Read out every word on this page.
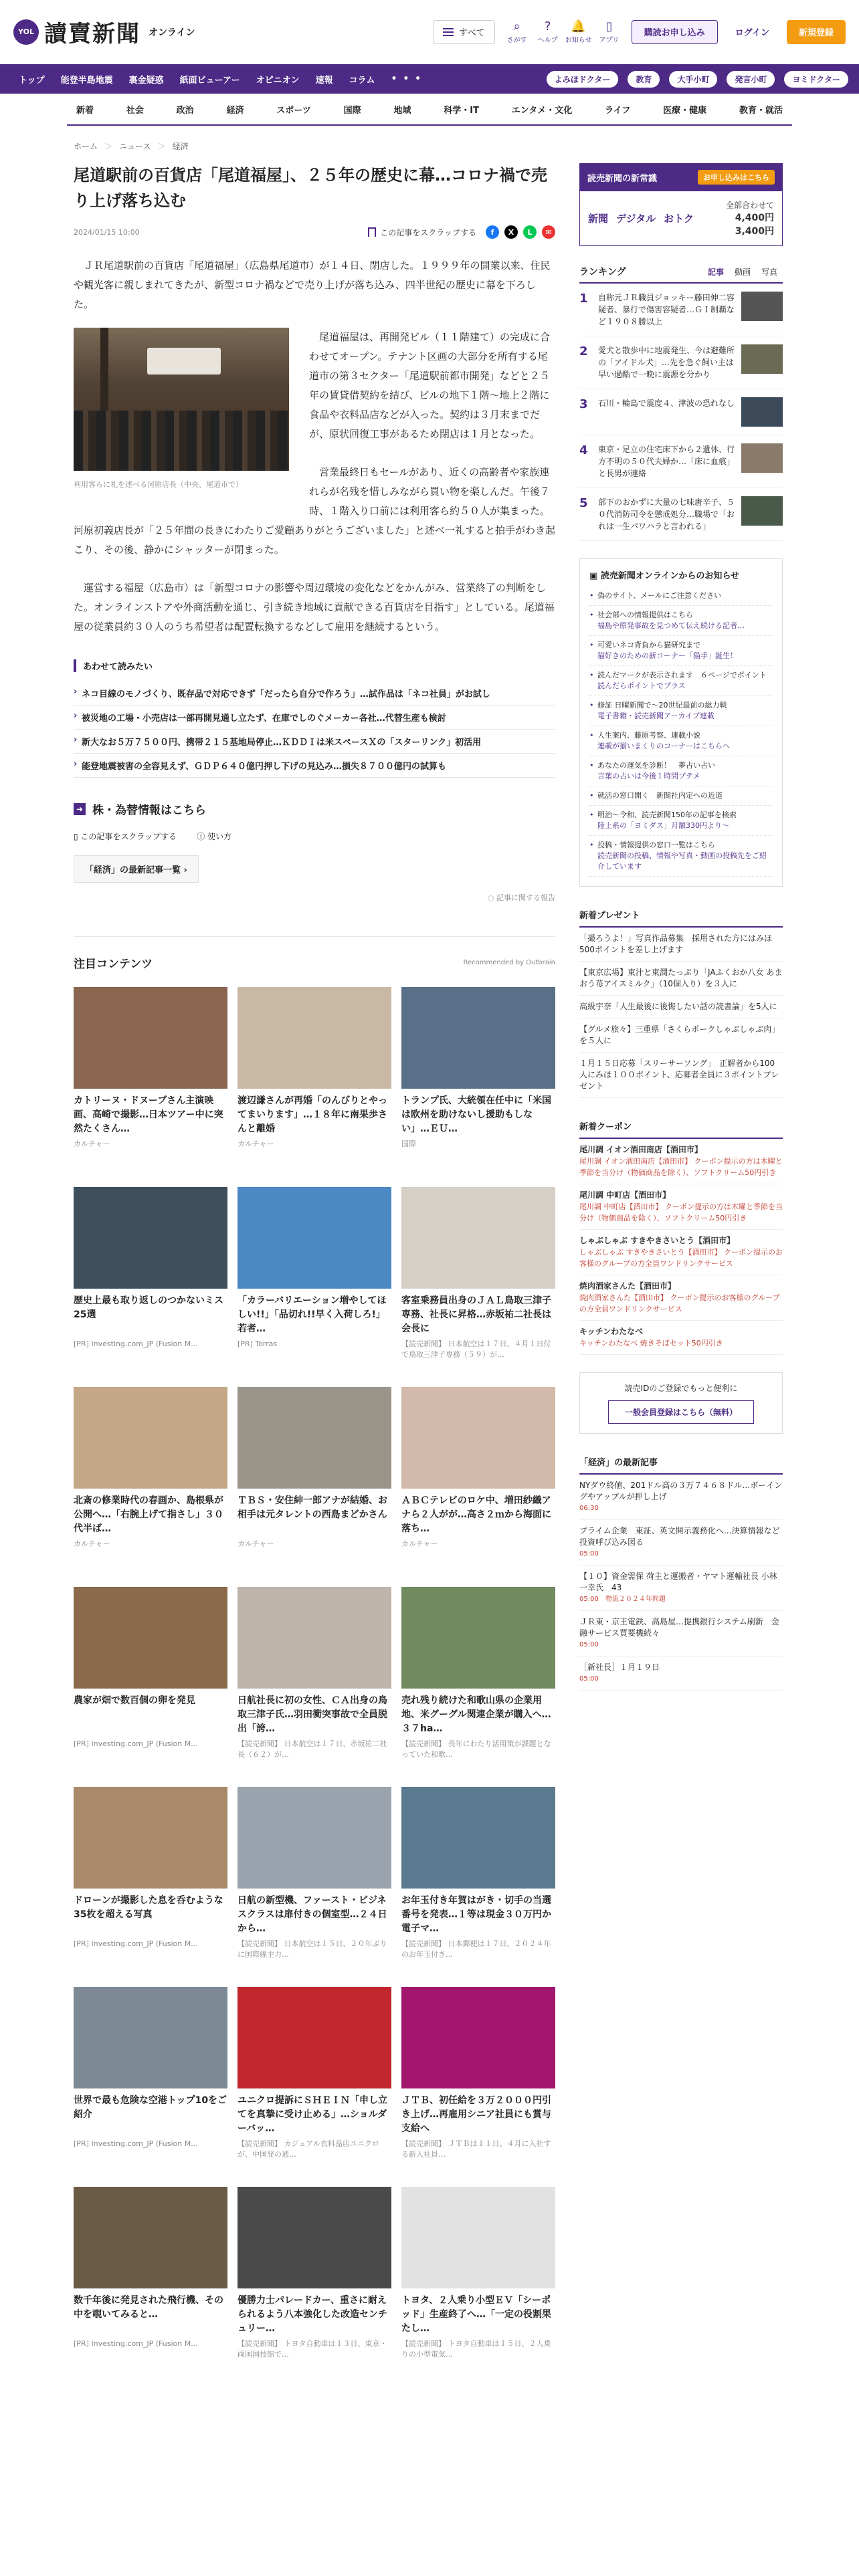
YOL 讀賣新聞 オンライン	すべて	⌕
さがす
?
ヘルプ
🔔
お知らせ
▯
アプリ
購読お申し込み	ログイン	新規登録
トップ	能登半島地震	裏金疑惑	紙面ビューアー	オピニオン	速報	コラム	• • •	よみほドクター	教育	大手小町	発言小町	ヨミドクター
新着	社会	政治	経済	スポーツ	国際	地域	科学・IT	エンタメ・文化	ライフ	医療・健康	教育・就活
ホーム ＞ ニュース ＞ 経済
尾道駅前の百貨店「尾道福屋」、２５年の歴史に幕…コロナ禍で売り上げ落ち込む
2024/01/15 10:00	この記事をスクラップする	f	X	L	✉

ＪＲ尾道駅前の百貨店「尾道福屋」（広島県尾道市）が１４日、閉店した。１９９９年の開業以来、住民や観光客に親しまれてきたが、新型コロナ禍などで売り上げが落ち込み、四半世紀の歴史に幕を下ろした。

利用客らに礼を述べる河原店長（中央、尾道市で）

尾道福屋は、再開発ビル（１１階建て）の完成に合わせてオープン。テナント区画の大部分を所有する尾道市の第３セクター「尾道駅前都市開発」などと２５年の賃貸借契約を結び、ビルの地下１階〜地上２階に食品や衣料品店などが入った。契約は３月末までだが、原状回復工事があるため閉店は１月となった。

営業最終日もセールがあり、近くの高齢者や家族連れらが名残を惜しみながら買い物を楽しんだ。午後７時、１階入り口前には利用客ら約５０人が集まった。河原初義店長が「２５年間の長きにわたりご愛顧ありがとうございました」と述べ一礼すると拍手がわき起こり、その後、静かにシャッターが閉まった。

運営する福屋（広島市）は「新型コロナの影響や周辺環境の変化などをかんがみ、営業終了の判断をした。オンラインストアや外商活動を通じ、引き続き地域に貢献できる百貨店を目指す」としている。尾道福屋の従業員約３０人のうち希望者は配置転換するなどして雇用を継続するという。

あわせて読みたい
› ネコ目線のモノづくり、既存品で対応できず「だったら自分で作ろう」…試作品は「ネコ社員」がお試し
› 被災地の工場・小売店は一部再開見通し立たず、在庫でしのぐメーカー各社…代替生産も検討
› 新大なお５万７５００円、携帯２１５基地局停止…ＫＤＤＩは米スペースＸの「スターリンク」初活用
› 能登地震被害の全容見えず、ＧＤＰ６４０億円押し下げの見込み…損失８７００億円の試算も
➜ 株・為替情報はこちら
▯ この記事をスクラップする	ⓘ 使い方
「経済」の最新記事一覧 ›
◌ 記事に関する報告
注目コンテンツ	Recommended by Outbrain
カトリーヌ・ドヌーブさん主演映画、高崎で撮影…日本ツアー中に突然たくさん…
カルチャー
渡辺謙さんが再婚「のんびりとやってまいります」…１８年に南果歩さんと離婚
カルチャー
トランプ氏、大統領在任中に「米国は欧州を助けないし援助もしない」…ＥＵ…
国際
歴史上最も取り返しのつかないミス25選
[PR] Investing.com_JP (Fusion M...
「カラーバリエーション増やしてほしい!!」「品切れ!!早く入荷しろ!」若者…
[PR] Torras
客室乗務員出身のＪＡＬ鳥取三津子専務、社長に昇格…赤坂祐二社長は会長に
【読売新聞】 日本航空は１７日、４月１日付で鳥取三津子専務（５９）が…
北斎の修業時代の春画か、島根県が公開へ…「右腕上げて指さし」３０代半ば…
カルチャー
ＴＢＳ・安住紳一郎アナが結婚、お相手は元タレントの西島まどかさん
カルチャー
ＡＢＣテレビのロケ中、増田紗織アナら２人がが…高さ２ｍから海面に落ち…
カルチャー
農家が畑で数百個の卵を発見
[PR] Investing.com_JP (Fusion M...
日航社長に初の女性、ＣＡ出身の鳥取三津子氏…羽田衝突事故で全員脱出「誇…
【読売新聞】 日本航空は１７日、赤坂祐二社長（６２）が…
売れ残り続けた和歌山県の企業用地、米グーグル関連企業が購入へ…３７ha…
【読売新聞】 長年にわたり活用策が課題となっていた和歌…
ドローンが撮影した息を呑むような35枚を超える写真
[PR] Investing.com_JP (Fusion M...
日航の新型機、ファースト・ビジネスクラスは扉付きの個室型…２４日から…
【読売新聞】 日本航空は１５日、２０年ぶりに国際線主力…
お年玉付き年賀はがき・切手の当選番号を発表…１等は現金３０万円か電子マ…
【読売新聞】 日本郵便は１７日、２０２４年のお年玉付き…
世界で最も危険な空港トップ10をご紹介
[PR] Investing.com_JP (Fusion M...
ユニクロ提訴にＳＨＥＩＮ「申し立てを真摯に受け止める」…ショルダーバッ…
【読売新聞】 カジュアル衣料品店ユニクロが、中国発の通…
ＪＴＢ、初任給を３万２０００円引き上げ…再雇用シニア社員にも賞与支給へ
【読売新聞】 ＪＴＢは１１日、４月に入社する新入社員…
数千年後に発見された飛行機、その中を覗いてみると…
[PR] Investing.com_JP (Fusion M...
優勝力士パレードカー、重さに耐えられるよう八本強化した改造センチュリー…
【読売新聞】 トヨタ自動車は１３日、東京・両国国技館で…
トヨタ、２人乗り小型ＥＶ「シーポッド」生産終了へ…「一定の役割果たし…
【読売新聞】 トヨタ自動車は１５日、２人乗りの小型電気…
読売新聞の新常識	お申し込みはこちら
新聞 デジタル おトク
全部合わせて
4,400円
3,400円
ランキング	記事	動画	写真
1	自称元ＪＲ職員ジョッキー藤田伸二容疑者、暴行で傷害容疑者…ＧＩ制覇など１９０８勝以上
2	愛犬と散歩中に地震発生、今は避難所の「アイドル犬」…先を急ぐ飼い主は早い過酷で一晩に震源を分かり
3	石川・輪島で震度４、津波の恐れなし
4	東京・足立の住宅床下から２遺体、行方不明の５０代夫婦か…「床に血痕」と長男が連絡
5	部下のおかずに大量の七味唐辛子、５０代消防司令を懲戒処分…職場で「おれは一生パワハラと言われる」
▣ 読売新聞オンラインからのお知らせ
• 偽のサイト、メールにご注意ください
• 社会部への情報提供はこちら
福島や原発事故を見つめて伝え続ける記者…
• 可愛いネコ背負から猫研究まで
猫好きのための新コーナー「猫手」誕生！
• 読んだマークが表示されます　６ページでポイント
読んだらポイントでプラス
• 修証 日曜新聞で〜20世紀最前の総力戦
電子書籍・読売新聞アーカイブ連載
• 人生案内、藤原考察、連載小説
連載が揃いまくりのコーナーはこちらへ
• あなたの運気を診断！　夢占い占い
言葉の占いは今後１時間ブテメ
• 就活の窓口開く　新聞社内定への近道
• 明治〜令和、読売新聞150年の記事を検索
陸上系の「ヨミダス」月額330円より～
• 投稿・情報提供の窓口一覧はこちら
読売新聞の投稿、情報や写真・動画の投稿先をご紹介しています
新着プレゼント
「撮ろうよ！」写真作品募集　採用された方にはみほ500ポイントを差し上げます
【東京広場】東汁と東潤たっぷり「JAふくおか八女 あまおう苺アイスミルク」（10個入り）を３人に
高級宇奈「人生最後に後悔したい話の読書論」を5人に
【グルメ旅々】三重県「さくらポークしゃぶしゃぶ肉」を５人に
１月１５日応募「スリーサーソング」　正解者から100人にみほ１００ポイント、応募者全員に３ポイントプレゼント
新着クーポン
尾川調 イオン酒田南店【酒田市】
尾川調 イオン酒田南店【酒田市】 クーポン提示の方は木曜と季節を当分け（物価商品を除く）、ソフトクリーム50円引き
尾川調 中町店【酒田市】
尾川調 中町店【酒田市】 クーポン提示の方は木曜と季節を当分け（物価商品を除く）、ソフトクリーム50円引き
しゃぶしゃぶ すきやきさいとう【酒田市】
しゃぶしゃぶ すきやきさいとう【酒田市】 クーポン提示のお客様のグループの方全員ワンドリンクサービス
焼肉酒家さんた【酒田市】
焼肉酒家さんた【酒田市】 クーポン提示のお客様のグループの方全員ワンドリンクサービス
キッチンわたなべ
キッチンわたなべ 焼きそばセット50円引き
読売IDのご登録でもっと便利に
一般会員登録はこちら（無料）
「経済」の最新記事
NYダウ終値、201ドル高の３万７４６８ドル…ボーイングやアップルが押し上げ
06:30
プライム企業　東証、英文開示義務化へ…決算情報など　投資呼び込み図る
05:00
【１０】資金需保 荷主と運搬者・ヤマト運輸社長 小林一幸氏　43
05:00　物流２０２４年問題
ＪＲ東・京王電鉄、高島屋…提携銀行システム刷新　金融サービス買要機続々
05:00
［新社長］１月１９日
05:00
